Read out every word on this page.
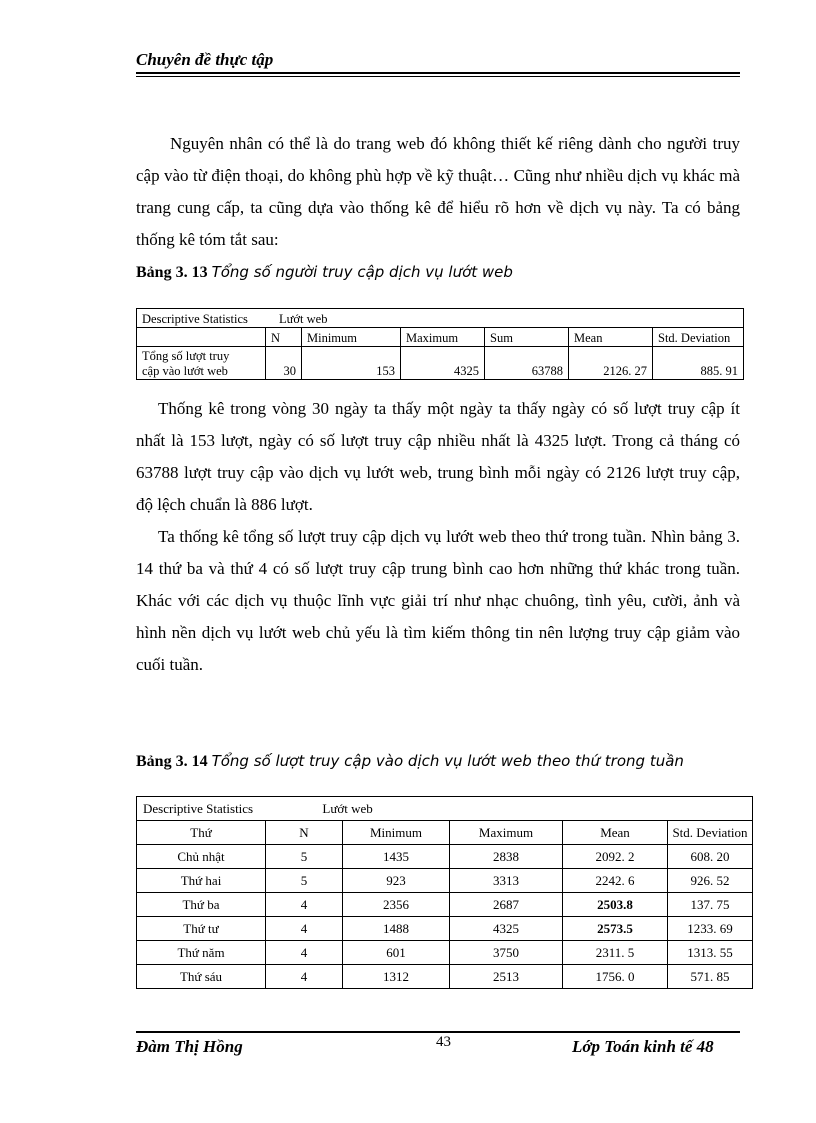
Chuyên đề thực tập

Nguyên nhân có thể là do trang web đó không thiết kế riêng dành cho người truy cập vào từ điện thoại, do không phù hợp về kỹ thuật… Cũng như nhiều dịch vụ khác mà trang cung cấp, ta cũng dựa vào thống kê để hiểu rõ hơn về dịch vụ này. Ta có bảng thống kê tóm tắt sau:

Bảng 3. 13 Tổng số người truy cập dịch vụ lướt web
Descriptive Statistics Lướt web						
	N	Minimum	Maximum	Sum	Mean	Std. Deviation

Tổng số lượt truy
cập vào lướt web	30	153	4325	63788	2126. 27	885. 91

Thống kê trong vòng 30 ngày ta thấy một ngày ta thấy ngày có số lượt truy cập ít nhất là 153 lượt, ngày có số lượt truy cập nhiều nhất là 4325 lượt. Trong cả tháng có 63788 lượt truy cập vào dịch vụ lướt web, trung bình mỗi ngày có 2126 lượt truy cập, độ lệch chuẩn là 886 lượt.

Ta thống kê tổng số lượt truy cập dịch vụ lướt web theo thứ trong tuần. Nhìn bảng 3. 14 thứ ba và thứ 4 có số lượt truy cập trung bình cao hơn những thứ khác trong tuần. Khác với các dịch vụ thuộc lĩnh vực giải trí như nhạc chuông, tình yêu, cười, ảnh và hình nền dịch vụ lướt web chủ yếu là tìm kiếm thông tin nên lượng truy cập giảm vào cuối tuần.

Bảng 3. 14 Tổng số lượt truy cập vào dịch vụ lướt web theo thứ trong tuần
Descriptive Statistics Lướt web					
Thứ	N	Minimum	Maximum	Mean	Std. Deviation
Chủ nhật	5	1435	2838	2092. 2	608. 20
Thứ hai	5	923	3313	2242. 6	926. 52
Thứ ba	4	2356	2687	2503.8	137. 75
Thứ tư	4	1488	4325	2573.5	1233. 69
Thứ năm	4	601	3750	2311. 5	1313. 55
Thứ sáu	4	1312	2513	1756. 0	571. 85
Đàm Thị Hồng	43	Lớp Toán kinh tế 48
